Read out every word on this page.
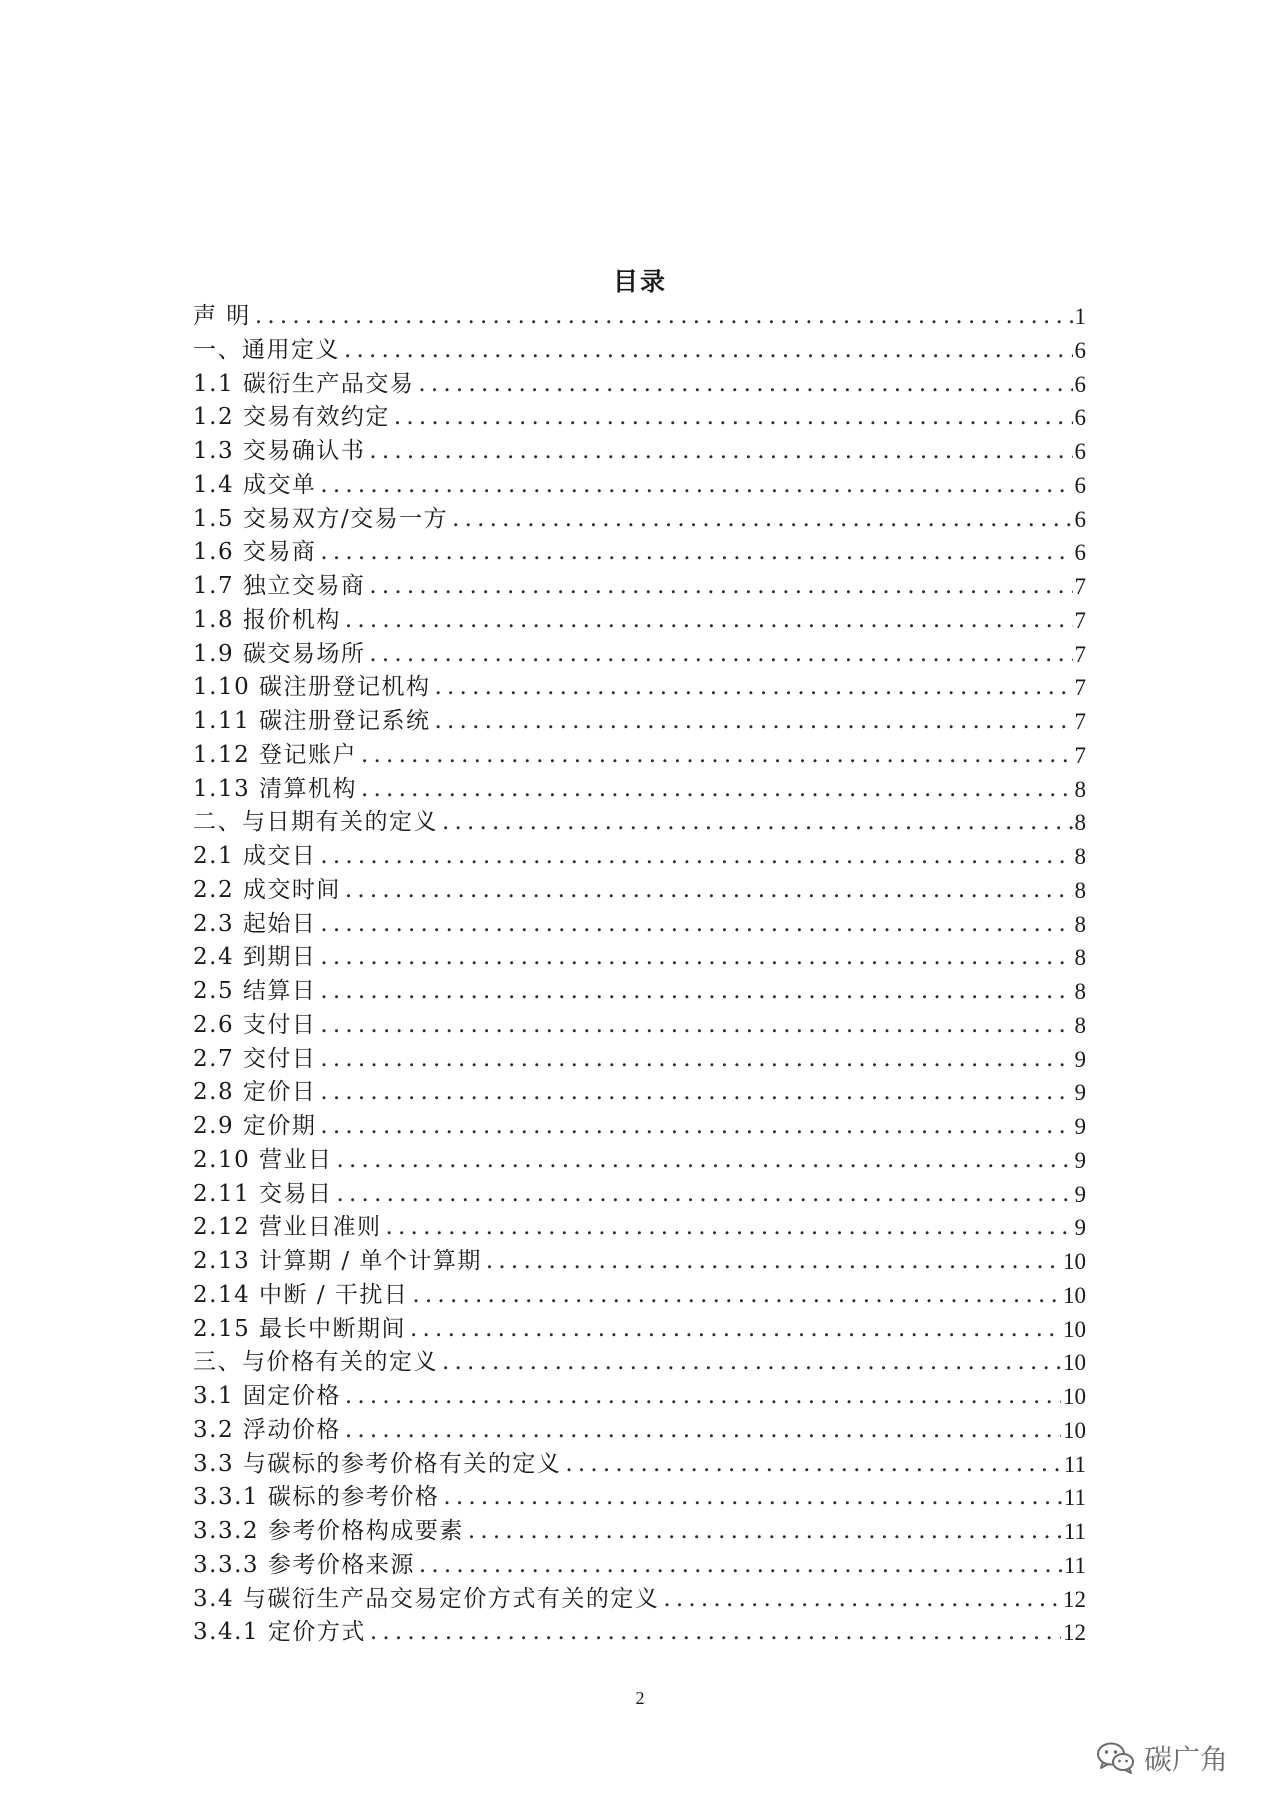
目录
声 明 .....	1
一、通用定义 .....	6
1.1 碳衍生产品交易 .....	6
1.2 交易有效约定 .....	6
1.3 交易确认书 .....	6
1.4 成交单 .....	6
1.5 交易双方/交易一方 .....	6
1.6 交易商 .....	6
1.7 独立交易商 .....	7
1.8 报价机构 .....	7
1.9 碳交易场所 .....	7
1.10 碳注册登记机构 .....	7
1.11 碳注册登记系统 .....	7
1.12 登记账户 .....	7
1.13 清算机构 .....	8
二、与日期有关的定义 .....	8
2.1 成交日 .....	8
2.2 成交时间 .....	8
2.3 起始日 .....	8
2.4 到期日 .....	8
2.5 结算日 .....	8
2.6 支付日 .....	8
2.7 交付日 .....	9
2.8 定价日 .....	9
2.9 定价期 .....	9
2.10 营业日 .....	9
2.11 交易日 .....	9
2.12 营业日准则 .....	9
2.13 计算期 / 单个计算期 .....	10
2.14 中断 / 干扰日 .....	10
2.15 最长中断期间 .....	10
三、与价格有关的定义 .....	10
3.1 固定价格 .....	10
3.2 浮动价格 .....	10
3.3 与碳标的参考价格有关的定义 .....	11
3.3.1 碳标的参考价格 .....	11
3.3.2 参考价格构成要素 .....	11
3.3.3 参考价格来源 .....	11
3.4 与碳衍生产品交易定价方式有关的定义 .....	12
3.4.1 定价方式 .....	12
2
碳广角
